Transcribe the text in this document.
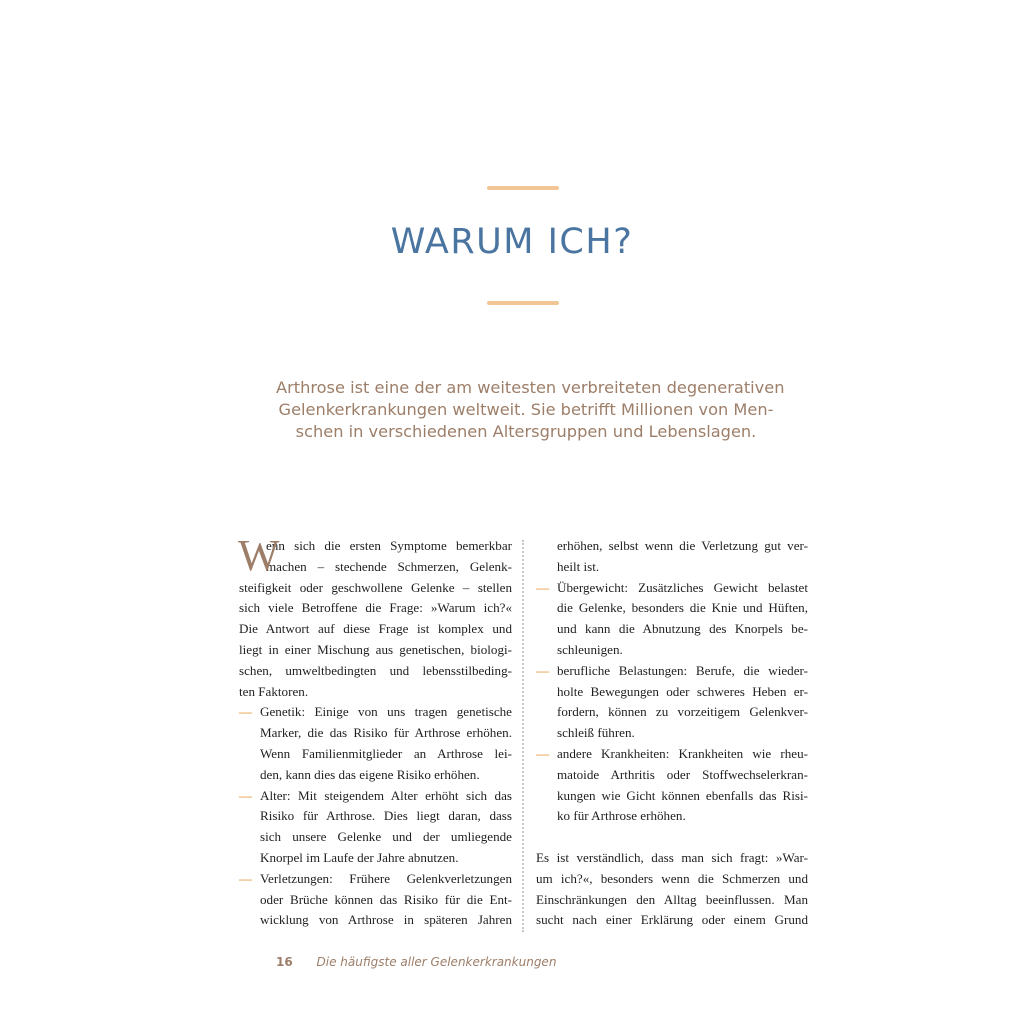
WARUM ICH?
Arthrose ist eine der am weitesten verbreiteten degenerativen
Gelenkerkrankungen weltweit. Sie betrifft Millionen von Men-
schen in verschiedenen Altersgruppen und Lebenslagen.
W
enn sich die ersten Symptome bemerkbar
machen – stechende Schmerzen, Gelenk-
steifigkeit oder geschwollene Gelenke – stellen
sich viele Betroffene die Frage: »Warum ich?«
Die Antwort auf diese Frage ist komplex und
liegt in einer Mischung aus genetischen, biologi-
schen, umweltbedingten und lebensstilbeding-
ten Faktoren.
— Genetik: Einige von uns tragen genetische
Marker, die das Risiko für Arthrose erhöhen.
Wenn Familienmitglieder an Arthrose lei-
den, kann dies das eigene Risiko erhöhen.
— Alter: Mit steigendem Alter erhöht sich das
Risiko für Arthrose. Dies liegt daran, dass
sich unsere Gelenke und der umliegende
Knorpel im Laufe der Jahre abnutzen.
— Verletzungen: Frühere Gelenkverletzungen
oder Brüche können das Risiko für die Ent-
wicklung von Arthrose in späteren Jahren
erhöhen, selbst wenn die Verletzung gut ver-
heilt ist.
— Übergewicht: Zusätzliches Gewicht belastet
die Gelenke, besonders die Knie und Hüften,
und kann die Abnutzung des Knorpels be-
schleunigen.
— berufliche Belastungen: Berufe, die wieder-
holte Bewegungen oder schweres Heben er-
fordern, können zu vorzeitigem Gelenkver-
schleiß führen.
— andere Krankheiten: Krankheiten wie rheu-
matoide Arthritis oder Stoffwechselerkran-
kungen wie Gicht können ebenfalls das Risi-
ko für Arthrose erhöhen.
Es ist verständlich, dass man sich fragt: »War-
um ich?«, besonders wenn die Schmerzen und
Einschränkungen den Alltag beeinflussen. Man
sucht nach einer Erklärung oder einem Grund
16 Die häufigste aller Gelenkerkrankungen
